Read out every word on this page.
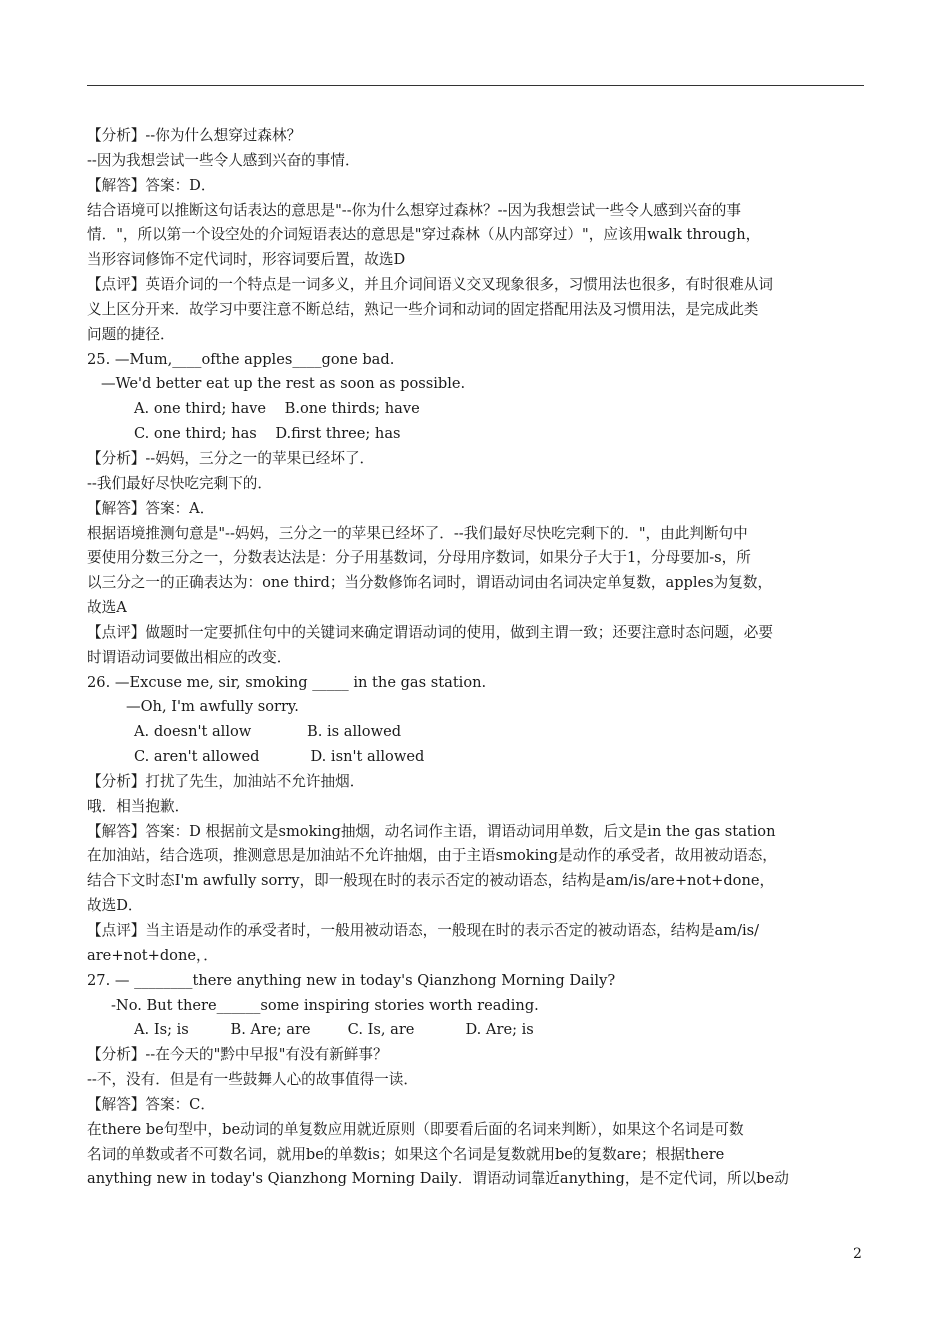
【分析】--你为什么想穿过森林？
--因为我想尝试一些令人感到兴奋的事情．
【解答】答案：D．
结合语境可以推断这句话表达的意思是"--你为什么想穿过森林？--因为我想尝试一些令人感到兴奋的事
情．"，所以第一个设空处的介词短语表达的意思是"穿过森林（从内部穿过）"，应该用walk through，
当形容词修饰不定代词时，形容词要后置，故选D
【点评】英语介词的一个特点是一词多义，并且介词间语义交叉现象很多，习惯用法也很多，有时很难从词
义上区分开来．故学习中要注意不断总结，熟记一些介词和动词的固定搭配用法及习惯用法，是完成此类
问题的捷径．
25. —Mum,____ofthe apples____gone bad.
—We'd better eat up the rest as soon as possible.
A. one third; have    B.one thirds; have
C. one third; has    D.first three; has
【分析】--妈妈，三分之一的苹果已经坏了．
--我们最好尽快吃完剩下的．
【解答】答案：A．
根据语境推测句意是"--妈妈，三分之一的苹果已经坏了．--我们最好尽快吃完剩下的．"，由此判断句中
要使用分数三分之一，分数表达法是：分子用基数词，分母用序数词，如果分子大于1，分母要加-s，所
以三分之一的正确表达为：one third；当分数修饰名词时，谓语动词由名词决定单复数，apples为复数，
故选A
【点评】做题时一定要抓住句中的关键词来确定谓语动词的使用，做到主谓一致；还要注意时态问题，必要
时谓语动词要做出相应的改变．
26. —Excuse me, sir, smoking _____ in the gas station.
—Oh, I'm awfully sorry.
A. doesn't allow            B. is allowed
C. aren't allowed           D. isn't allowed
【分析】打扰了先生，加油站不允许抽烟．
哦．相当抱歉．
【解答】答案：D 根据前文是smoking抽烟，动名词作主语，谓语动词用单数，后文是in the gas station
在加油站，结合选项，推测意思是加油站不允许抽烟，由于主语smoking是动作的承受者，故用被动语态，
结合下文时态I'm awfully sorry，即一般现在时的表示否定的被动语态，结构是am/is/are+not+done，
故选D．
【点评】当主语是动作的承受者时，一般用被动语态，一般现在时的表示否定的被动语态，结构是am/is/
are+not+done，．
27. — ________there anything new in today's Qianzhong Morning Daily?
-No. But there______some inspiring stories worth reading.
A. Is; is         B. Are; are        C. Is, are           D. Are; is
【分析】--在今天的"黔中早报"有没有新鲜事？
--不，没有．但是有一些鼓舞人心的故事值得一读．
【解答】答案：C．
在there be句型中，be动词的单复数应用就近原则（即要看后面的名词来判断），如果这个名词是可数
名词的单数或者不可数名词，就用be的单数is；如果这个名词是复数就用be的复数are；根据there
anything new in today's Qianzhong Morning Daily．谓语动词靠近anything，是不定代词，所以be动
2
